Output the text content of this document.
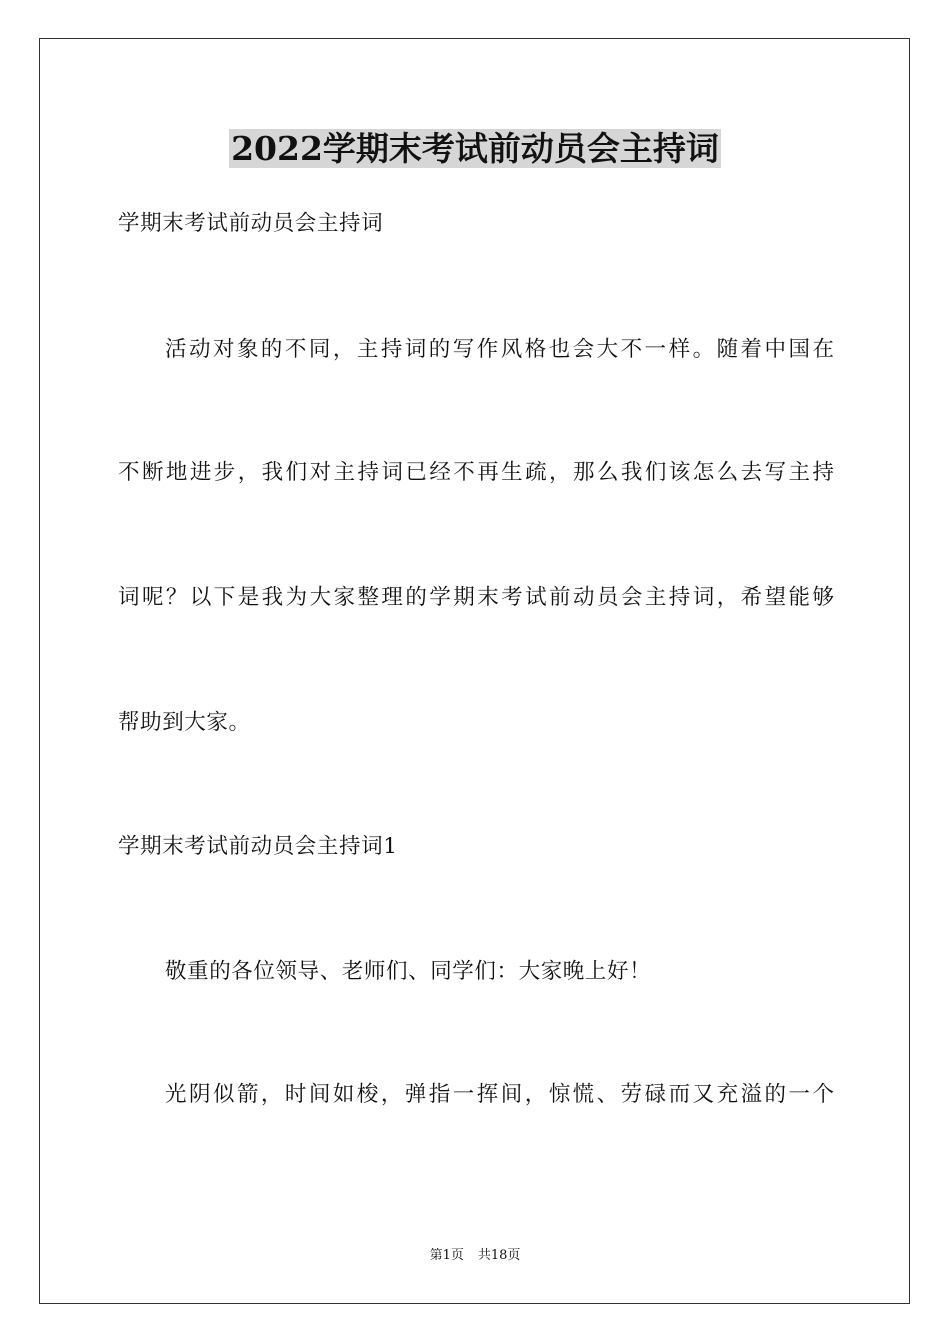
2022学期末考试前动员会主持词
学期末考试前动员会主持词
活动对象的不同，主持词的写作风格也会大不一样。随着中国在
不断地进步，我们对主持词已经不再生疏，那么我们该怎么去写主持
词呢？以下是我为大家整理的学期末考试前动员会主持词，希望能够
帮助到大家。
学期末考试前动员会主持词1
敬重的各位领导、老师们、同学们：大家晚上好！
光阴似箭，时间如梭，弹指一挥间，惊慌、劳碌而又充溢的一个
第1页 共18页
